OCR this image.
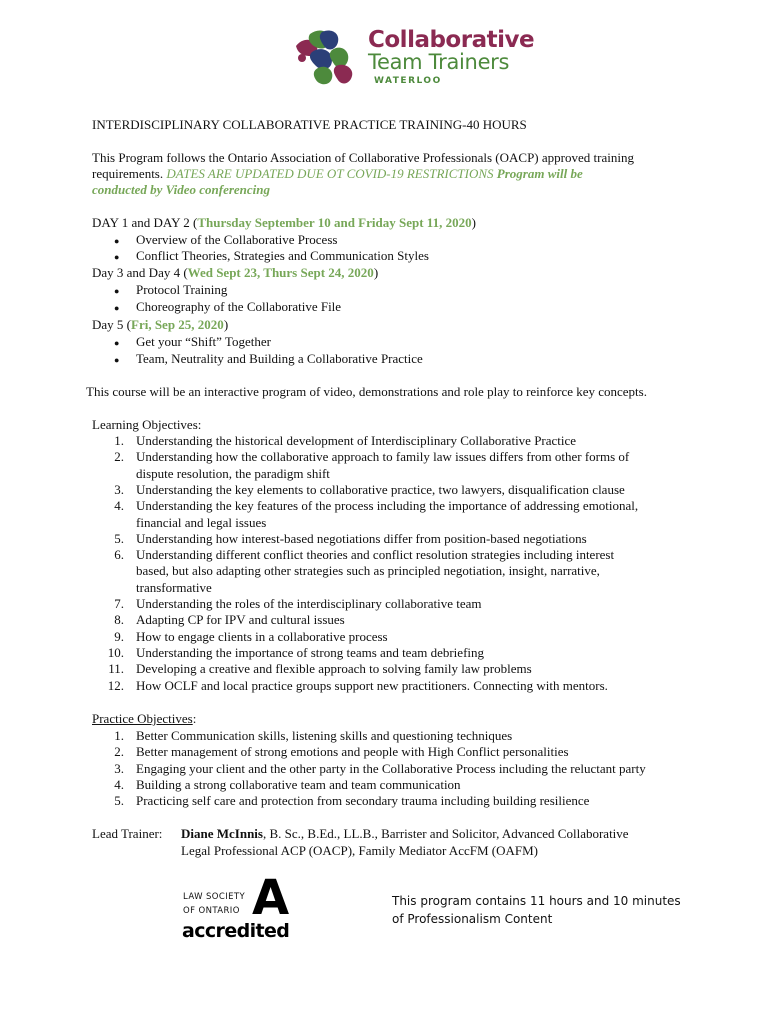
Collaborative
Team Trainers
WATERLOO
INTERDISCIPLINARY COLLABORATIVE PRACTICE TRAINING-40 HOURS
This Program follows the Ontario Association of Collaborative Professionals (OACP) approved training
requirements. DATES ARE UPDATED DUE OT COVID-19 RESTRICTIONS Program will be
conducted by Video conferencing
DAY 1 and DAY 2 (Thursday September 10 and Friday Sept 11, 2020)
● Overview of the Collaborative Process
● Conflict Theories, Strategies and Communication Styles
Day 3 and Day 4 (Wed Sept 23, Thurs Sept 24, 2020)
● Protocol Training
● Choreography of the Collaborative File
Day 5 (Fri, Sep 25, 2020)
● Get your “Shift” Together
● Team, Neutrality and Building a Collaborative Practice
This course will be an interactive program of video, demonstrations and role play to reinforce key concepts.
Learning Objectives:
1. Understanding the historical development of Interdisciplinary Collaborative Practice
2. Understanding how the collaborative approach to family law issues differs from other forms of
dispute resolution, the paradigm shift
3. Understanding the key elements to collaborative practice, two lawyers, disqualification clause
4. Understanding the key features of the process including the importance of addressing emotional,
financial and legal issues
5. Understanding how interest-based negotiations differ from position-based negotiations
6. Understanding different conflict theories and conflict resolution strategies including interest
based, but also adapting other strategies such as principled negotiation, insight, narrative,
transformative
7. Understanding the roles of the interdisciplinary collaborative team
8. Adapting CP for IPV and cultural issues
9. How to engage clients in a collaborative process
10. Understanding the importance of strong teams and team debriefing
11. Developing a creative and flexible approach to solving family law problems
12. How OCLF and local practice groups support new practitioners. Connecting with mentors.
Practice Objectives:
1. Better Communication skills, listening skills and questioning techniques
2. Better management of strong emotions and people with High Conflict personalities
3. Engaging your client and the other party in the Collaborative Process including the reluctant party
4. Building a strong collaborative team and team communication
5. Practicing self care and protection from secondary trauma including building resilience
Lead Trainer: Diane McInnis, B. Sc., B.Ed., LL.B., Barrister and Solicitor, Advanced Collaborative
Legal Professional ACP (OACP), Family Mediator AccFM (OAFM)
LAW SOCIETY
OF ONTARIO A
accredited
This program contains 11 hours and 10 minutes
of Professionalism Content
